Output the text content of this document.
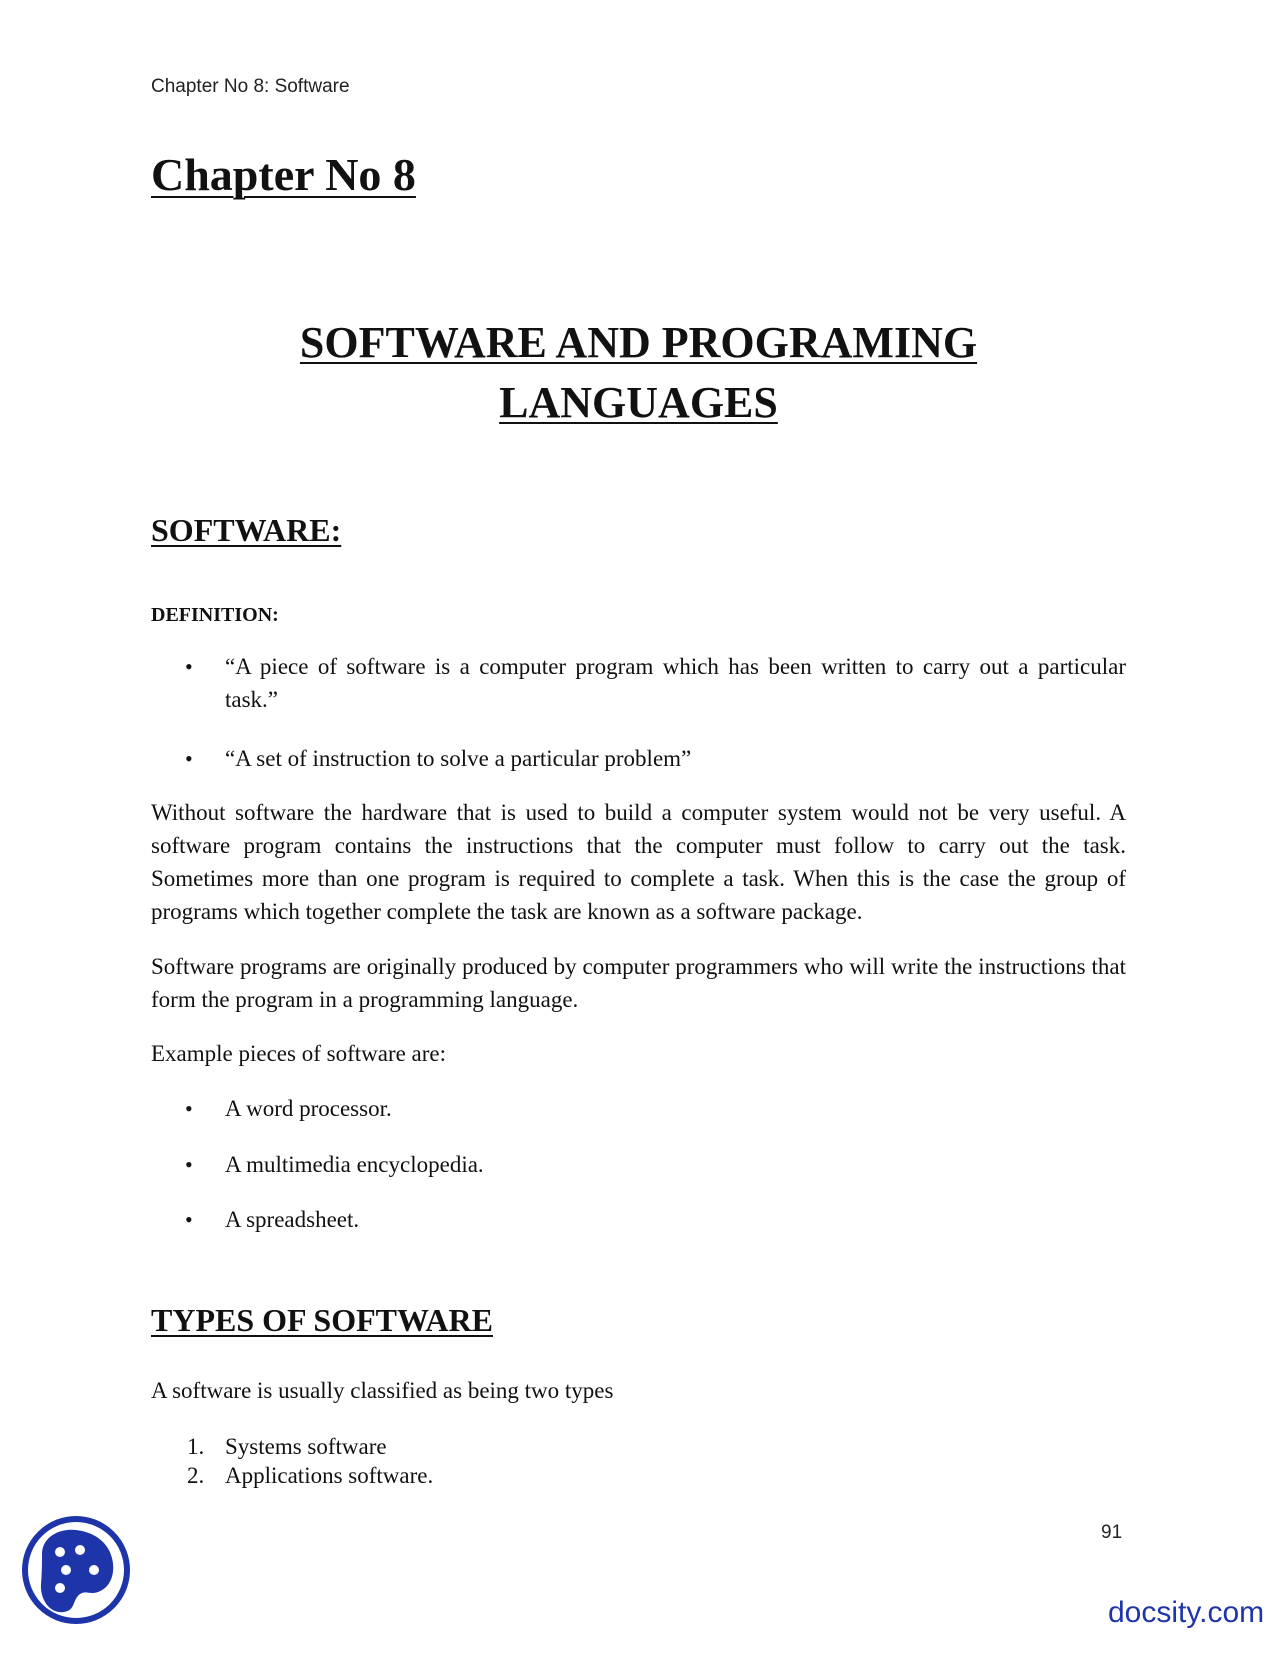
Chapter No 8: Software
Chapter No 8
SOFTWARE AND PROGRAMING
LANGUAGES
SOFTWARE:
DEFINITION:
• “A piece of software is a computer program which has been written to carry out a particular task.”
• “A set of instruction to solve a particular problem”

Without software the hardware that is used to build a computer system would not be very useful. A software program contains the instructions that the computer must follow to carry out the task. Sometimes more than one program is required to complete a task. When this is the case the group of programs which together complete the task are known as a software package.

Software programs are originally produced by computer programmers who will write the instructions that form the program in a programming language.

Example pieces of software are:

• A word processor.
• A multimedia encyclopedia.
• A spreadsheet.
TYPES OF SOFTWARE

A software is usually classified as being two types

1. Systems software
2. Applications software.
91
docsity.com
